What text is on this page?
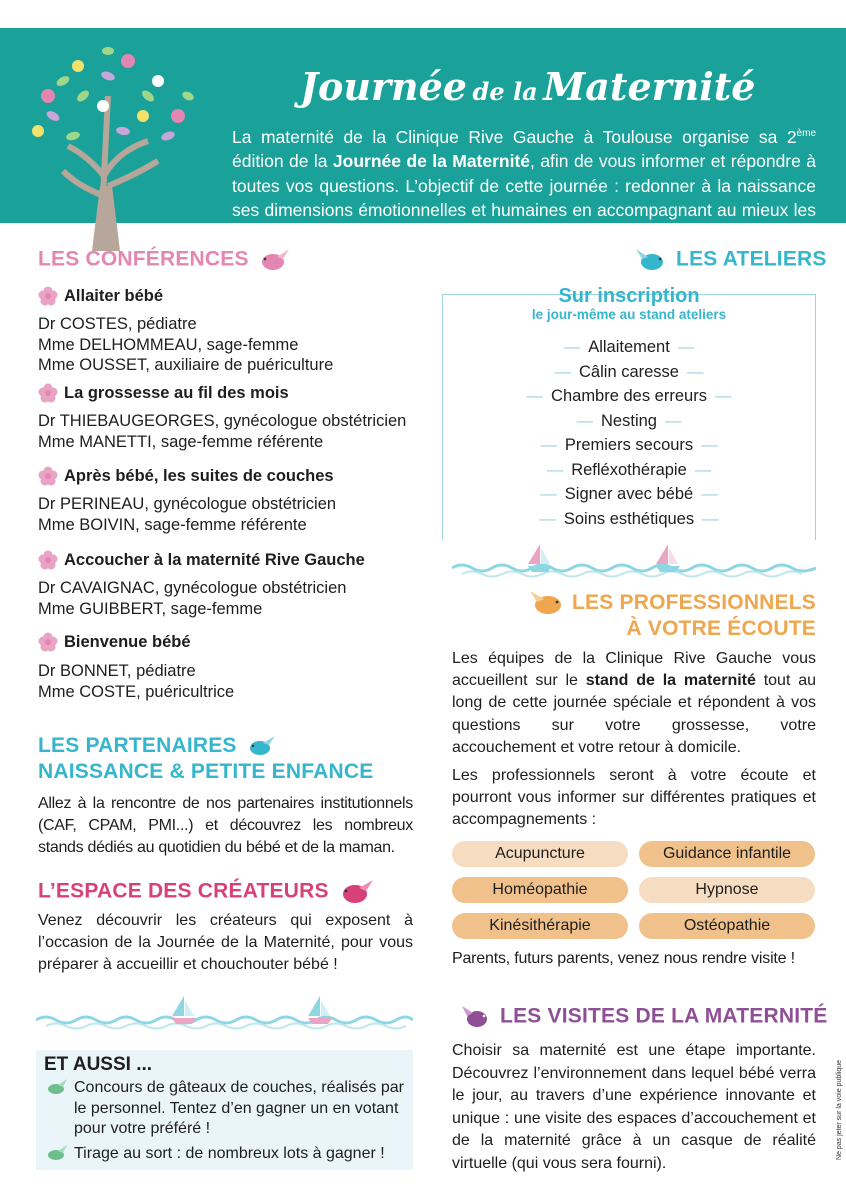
Journée de la Maternité

La maternité de la Clinique Rive Gauche à Toulouse organise sa 2ème édition de la Journée de la Maternité, afin de vous informer et répondre à toutes vos questions. L’objectif de cette journée : redonner à la naissance ses dimensions émotionnelles et humaines en accompagnant au mieux les parents et futurs parents.

LES CONFÉRENCES
Allaiter bébé
Dr COSTES, pédiatre
Mme DELHOMMEAU, sage-femme
Mme OUSSET, auxiliaire de puériculture
La grossesse au fil des mois
Dr THIEBAUGEORGES, gynécologue obstétricien
Mme MANETTI, sage-femme référente
Après bébé, les suites de couches
Dr PERINEAU, gynécologue obstétricien
Mme BOIVIN, sage-femme référente
Accoucher à la maternité Rive Gauche
Dr CAVAIGNAC, gynécologue obstétricien
Mme GUIBBERT, sage-femme
Bienvenue bébé
Dr BONNET, pédiatre
Mme COSTE, puéricultrice
LES PARTENAIRES
NAISSANCE & PETITE ENFANCE

Allez à la rencontre de nos partenaires institutionnels (CAF, CPAM, PMI...) et découvrez les nombreux stands dédiés au quotidien du bébé et de la maman.

L’ESPACE DES CRÉATEURS

Venez découvrir les créateurs qui exposent à l’occasion de la Journée de la Maternité, pour vous préparer à accueillir et chouchouter bébé !

ET AUSSI ...
Concours de gâteaux de couches, réalisés par le personnel. Tentez d’en gagner un en votant pour votre préféré !
Tirage au sort : de nombreux lots à gagner !
LES ATELIERS
Sur inscription
le jour-même au stand ateliers
— Allaitement —
— Câlin caresse —
— Chambre des erreurs —
— Nesting —
— Premiers secours —
— Refléxothérapie —
— Signer avec bébé —
— Soins esthétiques —
LES PROFESSIONNELS
À VOTRE ÉCOUTE

Les équipes de la Clinique Rive Gauche vous accueillent sur le stand de la maternité tout au long de cette journée spéciale et répondent à vos questions sur votre grossesse, votre accouchement et votre retour à domicile.

Les professionnels seront à votre écoute et pourront vous informer sur différentes pratiques et accompagnements :

Acupuncture	Guidance infantile
Homéopathie	Hypnose
Kinésithérapie	Ostéopathie

Parents, futurs parents, venez nous rendre visite !

LES VISITES DE LA MATERNITÉ

Choisir sa maternité est une étape importante. Découvrez l’environnement dans lequel bébé verra le jour, au travers d’une expérience innovante et unique : une visite des espaces d’accouchement et de la maternité grâce à un casque de réalité virtuelle (qui vous sera fourni).

Ne pas jeter sur la voie publique
